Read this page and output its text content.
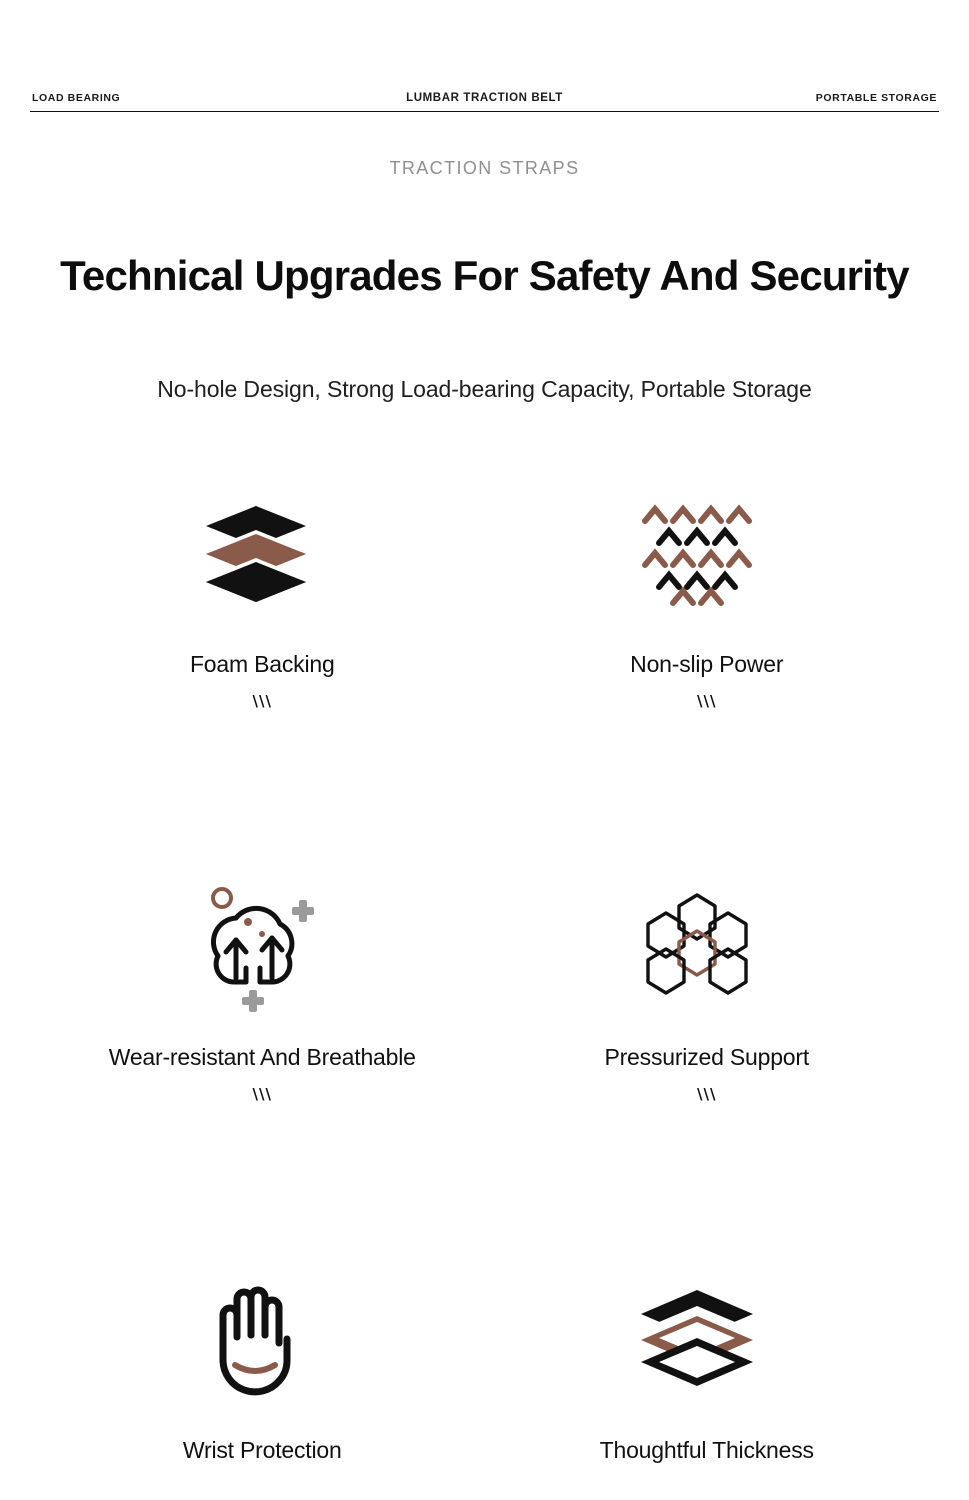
LOAD BEARING	LUMBAR TRACTION BELT	PORTABLE STORAGE
TRACTION STRAPS
Technical Upgrades For Safety And Security
No-hole Design, Strong Load-bearing Capacity, Portable Storage
Foam Backing
\\\
Non-slip Power
\\\
Wear-resistant And Breathable
\\\
Pressurized Support
\\\
Wrist Protection	Thoughtful Thickness
